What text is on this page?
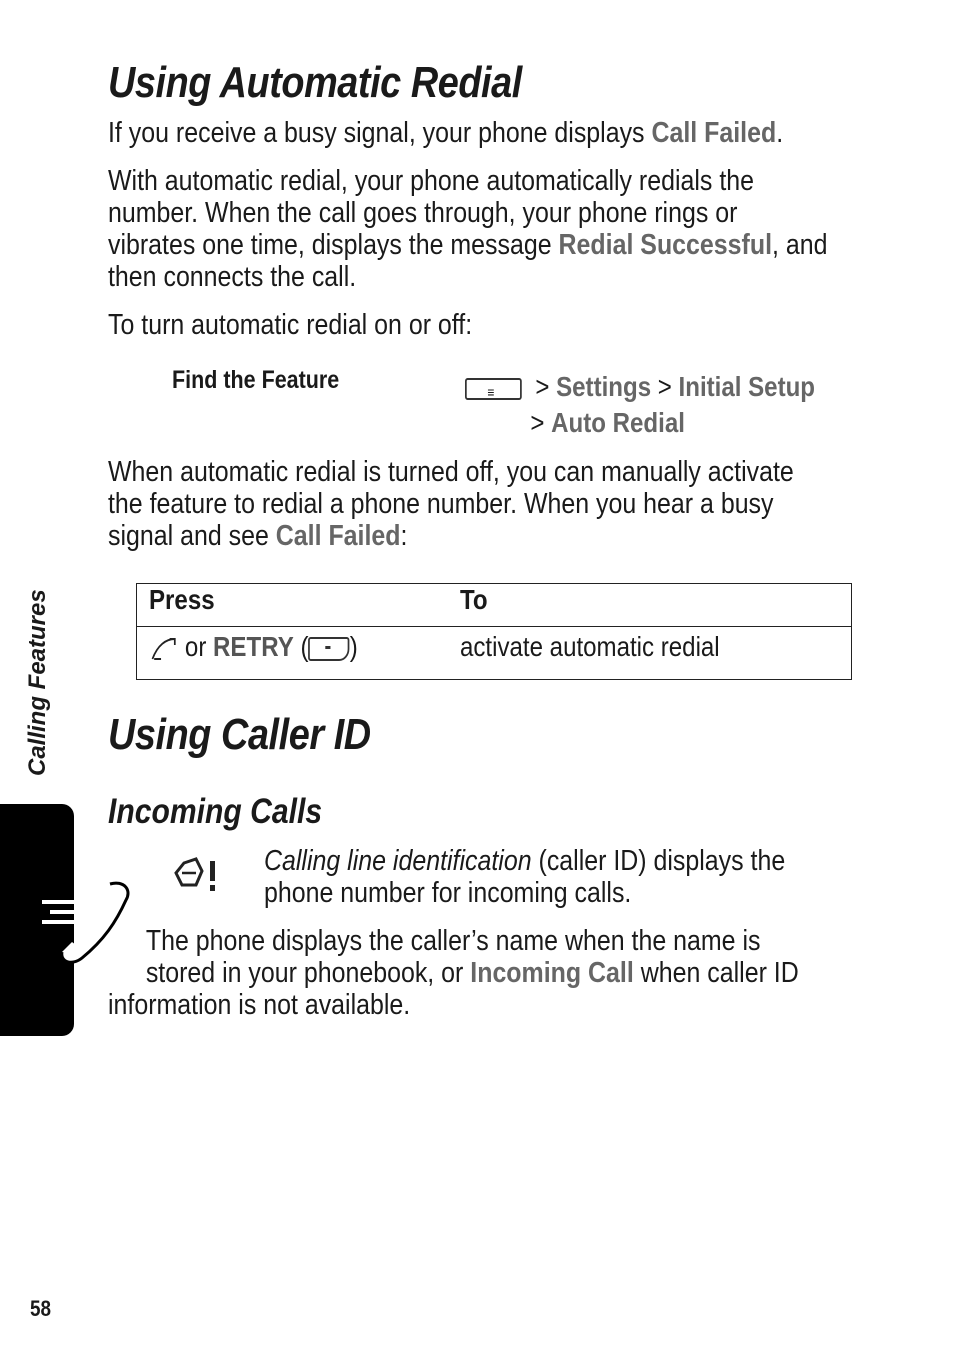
Using Automatic Redial
If you receive a busy signal, your phone displays Call Failed.
With automatic redial, your phone automatically redials the
number. When the call goes through, your phone rings or
vibrates one time, displays the message Redial Successful, and
then connects the call.
To turn automatic redial on or off:
Find the Feature ≡	> Settings > Initial Setup
> Auto Redial
When automatic redial is turned off, you can manually activate
the feature to redial a phone number. When you hear a busy
signal and see Call Failed:
Press	To
or RETRY ( )	activate automatic redial
Using Caller ID
Incoming Calls
Calling line identification (caller ID) displays the
phone number for incoming calls.
The phone displays the caller’s name when the name is
stored in your phonebook, or Incoming Call when caller ID
information is not available.
Calling Features
58
